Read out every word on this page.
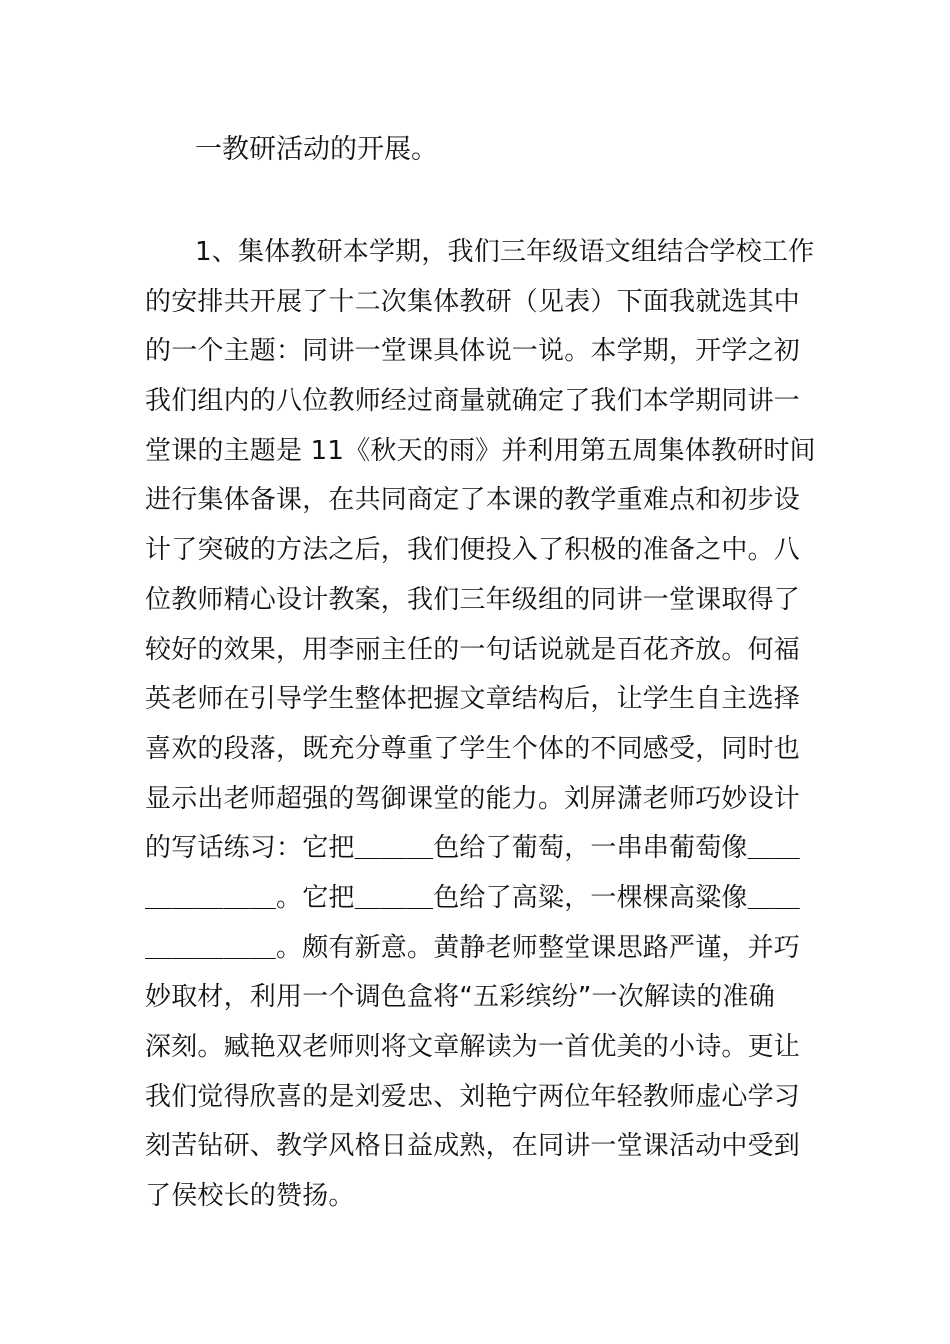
一教研活动的开展。

1、集体教研本学期，我们三年级语文组结合学校工作
的安排共开展了十二次集体教研（见表）下面我就选其中
的一个主题：同讲一堂课具体说一说。本学期，开学之初
我们组内的八位教师经过商量就确定了我们本学期同讲一
堂课的主题是 11《秋天的雨》并利用第五周集体教研时间
进行集体备课，在共同商定了本课的教学重难点和初步设
计了突破的方法之后，我们便投入了积极的准备之中。八
位教师精心设计教案，我们三年级组的同讲一堂课取得了
较好的效果，用李丽主任的一句话说就是百花齐放。何福
英老师在引导学生整体把握文章结构后，让学生自主选择
喜欢的段落，既充分尊重了学生个体的不同感受，同时也
显示出老师超强的驾御课堂的能力。刘屏潇老师巧妙设计
的写话练习：它把＿＿＿色给了葡萄，一串串葡萄像＿＿
＿＿＿＿＿。它把＿＿＿色给了高粱，一棵棵高粱像＿＿
＿＿＿＿＿。颇有新意。黄静老师整堂课思路严谨，并巧
妙取材，利用一个调色盒将“五彩缤纷”一次解读的准确
深刻。臧艳双老师则将文章解读为一首优美的小诗。更让
我们觉得欣喜的是刘爱忠、刘艳宁两位年轻教师虚心学习
刻苦钻研、教学风格日益成熟，在同讲一堂课活动中受到
了侯校长的赞扬。
